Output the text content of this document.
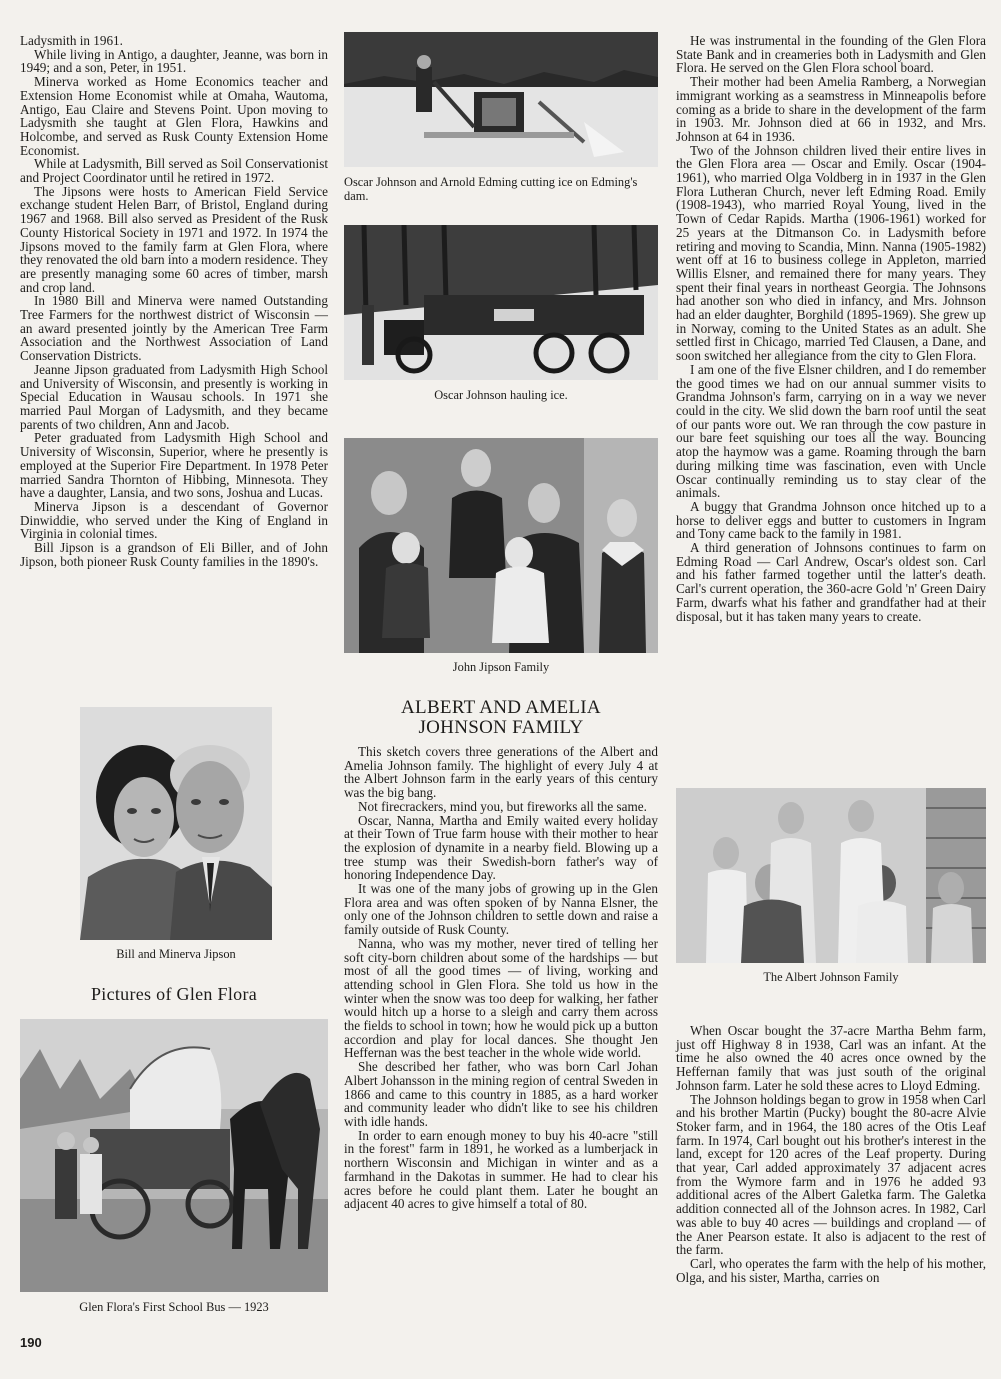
Ladysmith in 1961.

While living in Antigo, a daughter, Jeanne, was born in 1949; and a son, Peter, in 1951.

Minerva worked as Home Economics teacher and Extension Home Economist while at Omaha, Wautoma, Antigo, Eau Claire and Stevens Point. Upon moving to Ladysmith she taught at Glen Flora, Hawkins and Holcombe, and served as Rusk County Extension Home Economist.

While at Ladysmith, Bill served as Soil Conservationist and Project Coordinator until he retired in 1972.

The Jipsons were hosts to American Field Service exchange student Helen Barr, of Bristol, England during 1967 and 1968. Bill also served as President of the Rusk County Historical Society in 1971 and 1972. In 1974 the Jipsons moved to the family farm at Glen Flora, where they renovated the old barn into a modern residence. They are presently managing some 60 acres of timber, marsh and crop land.

In 1980 Bill and Minerva were named Outstanding Tree Farmers for the northwest district of Wisconsin — an award presented jointly by the American Tree Farm Association and the Northwest Association of Land Conservation Districts.

Jeanne Jipson graduated from Ladysmith High School and University of Wisconsin, and presently is working in Special Education in Wausau schools. In 1971 she married Paul Morgan of Ladysmith, and they became parents of two children, Ann and Jacob.

Peter graduated from Ladysmith High School and University of Wisconsin, Superior, where he presently is employed at the Superior Fire Department. In 1978 Peter married Sandra Thornton of Hibbing, Minnesota. They have a daughter, Lansia, and two sons, Joshua and Lucas.

Minerva Jipson is a descendant of Governor Dinwiddie, who served under the King of England in Virginia in colonial times.

Bill Jipson is a grandson of Eli Biller, and of John Jipson, both pioneer Rusk County families in the 1890's.

Bill and Minerva Jipson
Pictures of Glen Flora
Glen Flora's First School Bus — 1923
190
Oscar Johnson and Arnold Edming cutting ice on Edming's dam.
Oscar Johnson hauling ice.
John Jipson Family
ALBERT AND AMELIA
JOHNSON FAMILY

This sketch covers three generations of the Albert and Amelia Johnson family. The highlight of every July 4 at the Albert Johnson farm in the early years of this century was the big bang.

Not firecrackers, mind you, but fireworks all the same.

Oscar, Nanna, Martha and Emily waited every holiday at their Town of True farm house with their mother to hear the explosion of dynamite in a nearby field. Blowing up a tree stump was their Swedish-born father's way of honoring Independence Day.

It was one of the many jobs of growing up in the Glen Flora area and was often spoken of by Nanna Elsner, the only one of the Johnson children to settle down and raise a family outside of Rusk County.

Nanna, who was my mother, never tired of telling her soft city-born children about some of the hardships — but most of all the good times — of living, working and attending school in Glen Flora. She told us how in the winter when the snow was too deep for walking, her father would hitch up a horse to a sleigh and carry them across the fields to school in town; how he would pick up a button accordion and play for local dances. She thought Jen Heffernan was the best teacher in the whole wide world.

She described her father, who was born Carl Johan Albert Johansson in the mining region of central Sweden in 1866 and came to this country in 1885, as a hard worker and community leader who didn't like to see his children with idle hands.

In order to earn enough money to buy his 40-acre "still in the forest" farm in 1891, he worked as a lumberjack in northern Wisconsin and Michigan in winter and as a farmhand in the Dakotas in summer. He had to clear his acres before he could plant them. Later he bought an adjacent 40 acres to give himself a total of 80.

He was instrumental in the founding of the Glen Flora State Bank and in creameries both in Ladysmith and Glen Flora. He served on the Glen Flora school board.

Their mother had been Amelia Ramberg, a Norwegian immigrant working as a seamstress in Minneapolis before coming as a bride to share in the development of the farm in 1903. Mr. Johnson died at 66 in 1932, and Mrs. Johnson at 64 in 1936.

Two of the Johnson children lived their entire lives in the Glen Flora area — Oscar and Emily. Oscar (1904-1961), who married Olga Voldberg in in 1937 in the Glen Flora Lutheran Church, never left Edming Road. Emily (1908-1943), who married Royal Young, lived in the Town of Cedar Rapids. Martha (1906-1961) worked for 25 years at the Ditmanson Co. in Ladysmith before retiring and moving to Scandia, Minn. Nanna (1905-1982) went off at 16 to business college in Appleton, married Willis Elsner, and remained there for many years. They spent their final years in northeast Georgia. The Johnsons had another son who died in infancy, and Mrs. Johnson had an elder daughter, Borghild (1895-1969). She grew up in Norway, coming to the United States as an adult. She settled first in Chicago, married Ted Clausen, a Dane, and soon switched her allegiance from the city to Glen Flora.

I am one of the five Elsner children, and I do remember the good times we had on our annual summer visits to Grandma Johnson's farm, carrying on in a way we never could in the city. We slid down the barn roof until the seat of our pants wore out. We ran through the cow pasture in our bare feet squishing our toes all the way. Bouncing atop the haymow was a game. Roaming through the barn during milking time was fascination, even with Uncle Oscar continually reminding us to stay clear of the animals.

A buggy that Grandma Johnson once hitched up to a horse to deliver eggs and butter to customers in Ingram and Tony came back to the family in 1981.

A third generation of Johnsons continues to farm on Edming Road — Carl Andrew, Oscar's oldest son. Carl and his father farmed together until the latter's death. Carl's current operation, the 360-acre Gold 'n' Green Dairy Farm, dwarfs what his father and grandfather had at their disposal, but it has taken many years to create.

The Albert Johnson Family

When Oscar bought the 37-acre Martha Behm farm, just off Highway 8 in 1938, Carl was an infant. At the time he also owned the 40 acres once owned by the Heffernan family that was just south of the original Johnson farm. Later he sold these acres to Lloyd Edming.

The Johnson holdings began to grow in 1958 when Carl and his brother Martin (Pucky) bought the 80-acre Alvie Stoker farm, and in 1964, the 180 acres of the Otis Leaf farm. In 1974, Carl bought out his brother's interest in the land, except for 120 acres of the Leaf property. During that year, Carl added approximately 37 adjacent acres from the Wymore farm and in 1976 he added 93 additional acres of the Albert Galetka farm. The Galetka addition connected all of the Johnson acres. In 1982, Carl was able to buy 40 acres — buildings and cropland — of the Aner Pearson estate. It also is adjacent to the rest of the farm.

Carl, who operates the farm with the help of his mother, Olga, and his sister, Martha, carries on
